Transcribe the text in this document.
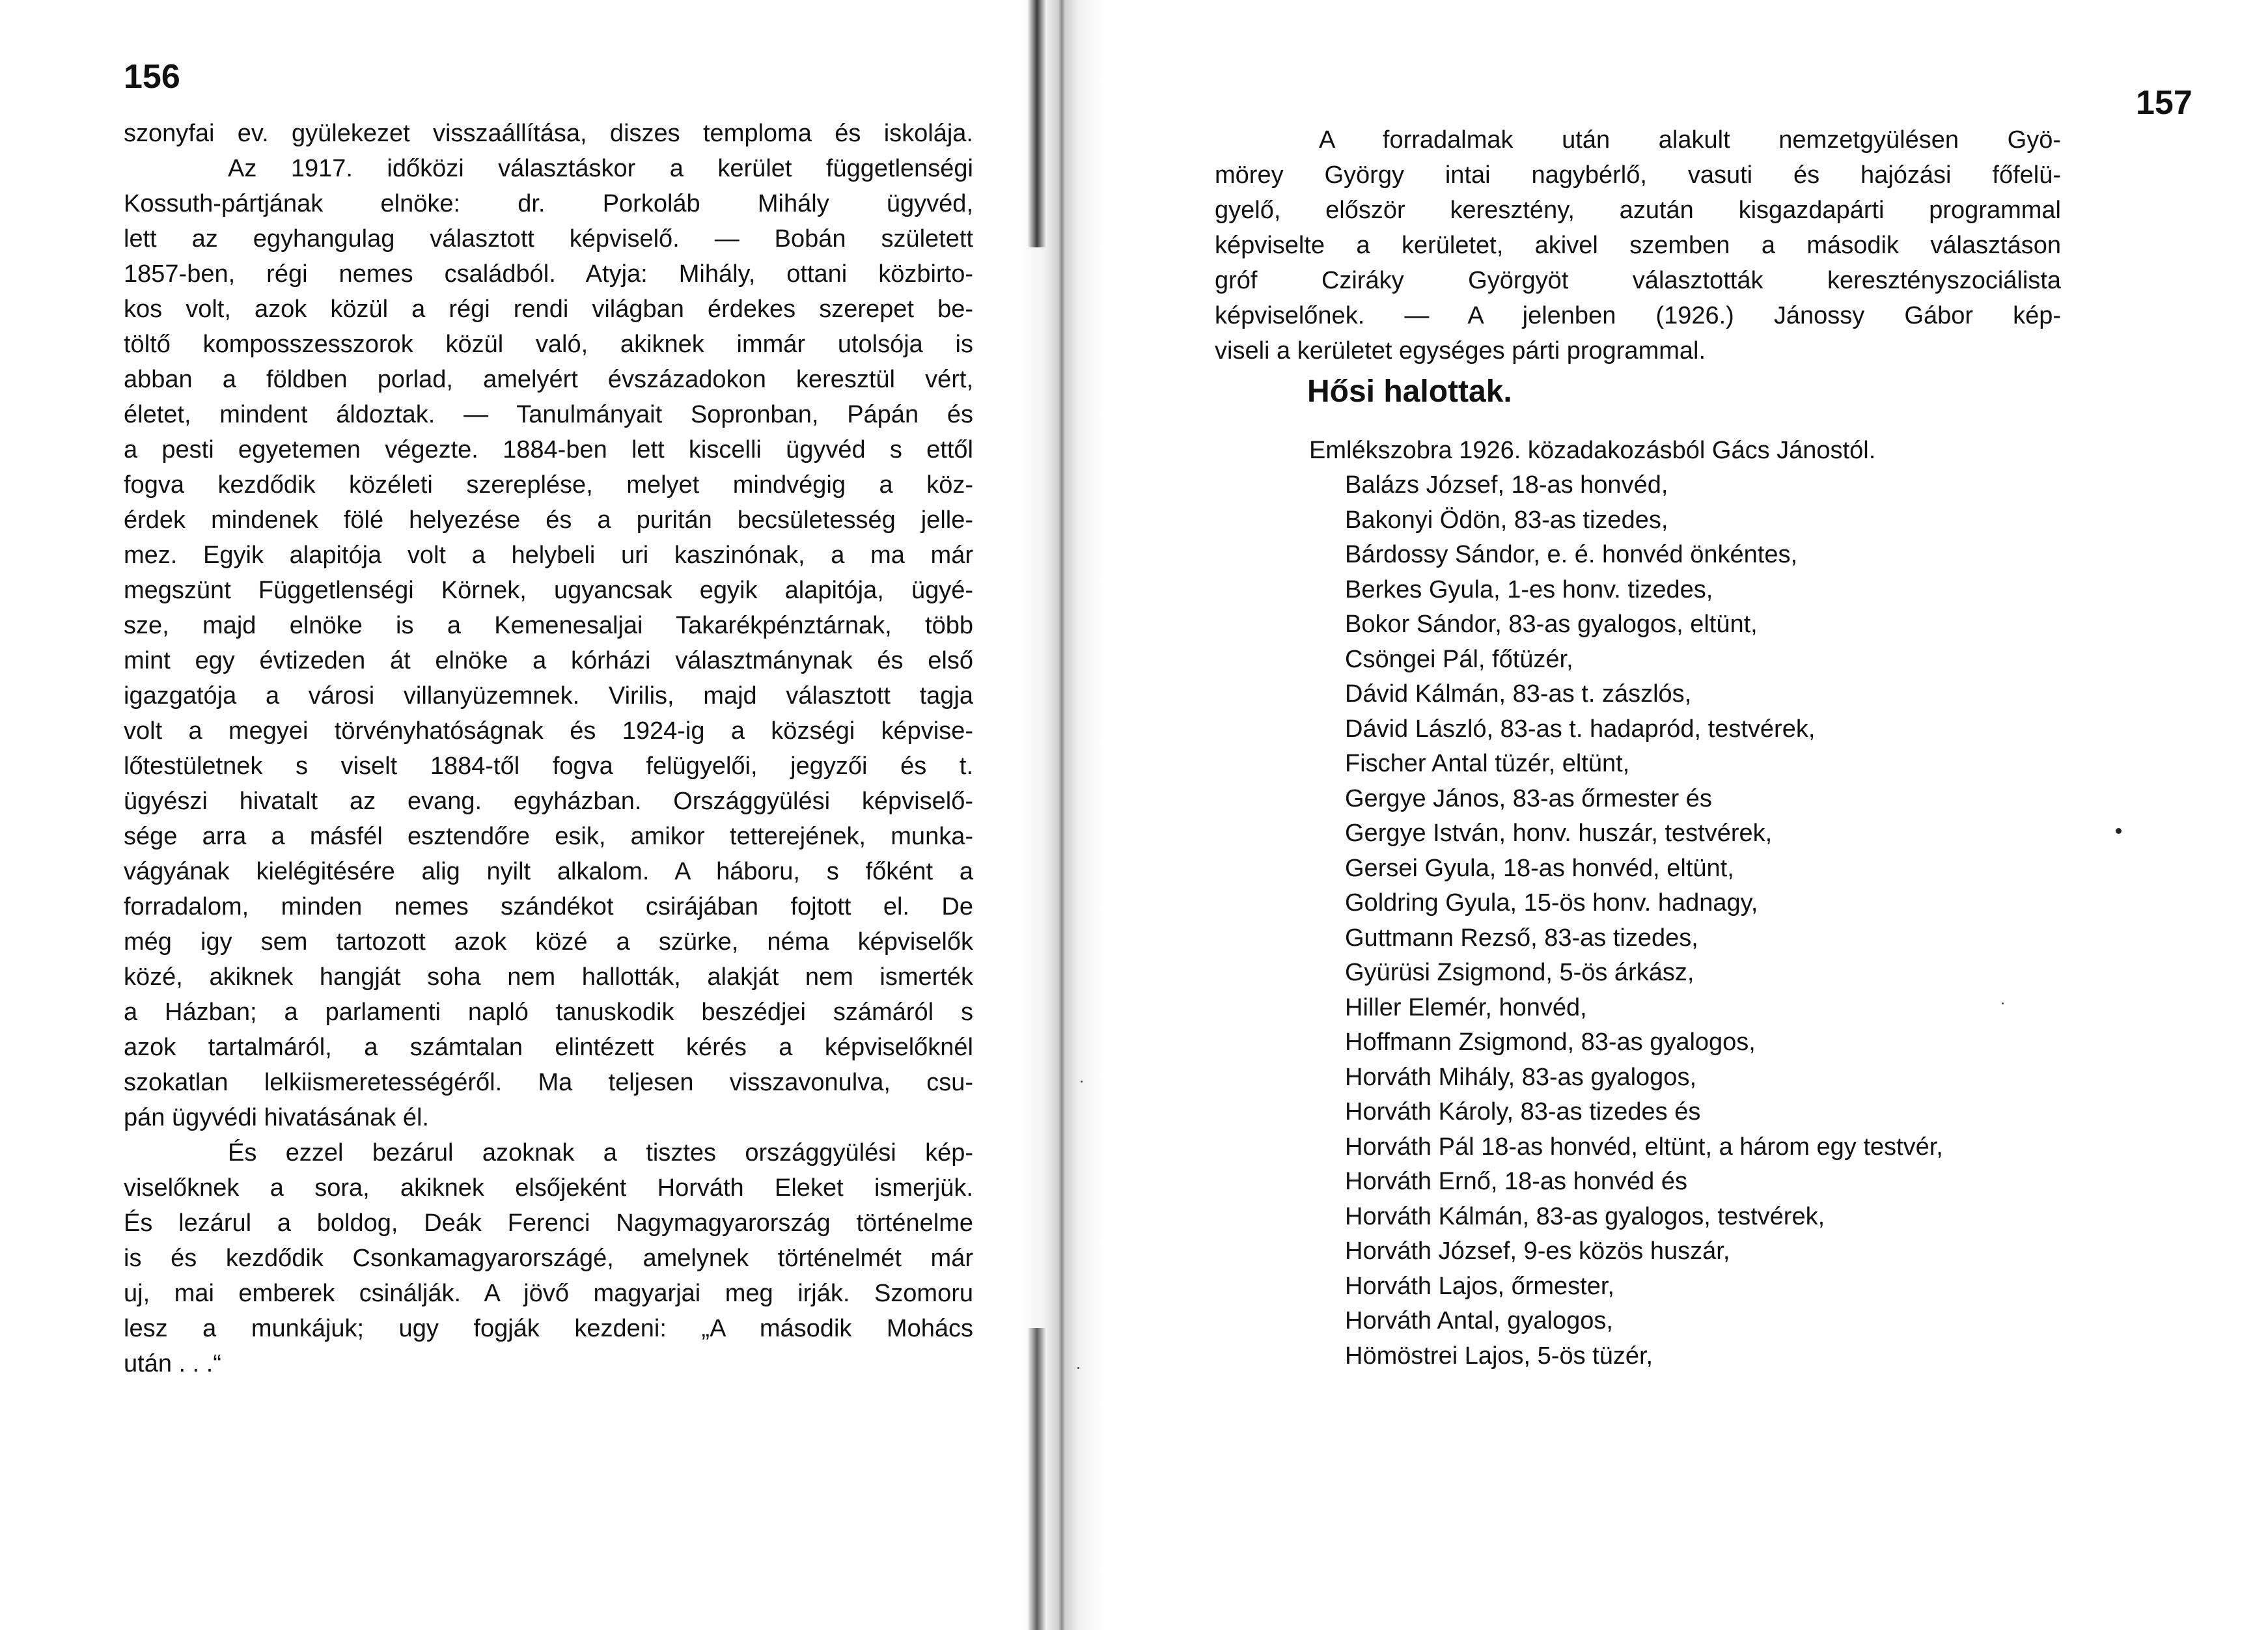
156
szonyfai ev. gyülekezet visszaállítása, diszes temploma és iskolája.
Az 1917. időközi választáskor a kerület függetlenségi
Kossuth-pártjának elnöke: dr. Porkoláb Mihály ügyvéd,
lett az egyhangulag választott képviselő. — Bobán született
1857-ben, régi nemes családból. Atyja: Mihály, ottani közbirto-
kos volt, azok közül a régi rendi világban érdekes szerepet be-
töltő komposszesszorok közül való, akiknek immár utolsója is
abban a földben porlad, amelyért évszázadokon keresztül vért,
életet, mindent áldoztak. — Tanulmányait Sopronban, Pápán és
a pesti egyetemen végezte. 1884-ben lett kiscelli ügyvéd s ettől
fogva kezdődik közéleti szereplése, melyet mindvégig a köz-
érdek mindenek fölé helyezése és a puritán becsületesség jelle-
mez. Egyik alapitója volt a helybeli uri kaszinónak, a ma már
megszünt Függetlenségi Körnek, ugyancsak egyik alapitója, ügyé-
sze, majd elnöke is a Kemenesaljai Takarékpénztárnak, több
mint egy évtizeden át elnöke a kórházi választmánynak és első
igazgatója a városi villanyüzemnek. Virilis, majd választott tagja
volt a megyei törvényhatóságnak és 1924-ig a községi képvise-
lőtestületnek s viselt 1884-től fogva felügyelői, jegyzői és t.
ügyészi hivatalt az evang. egyházban. Országgyülési képviselő-
sége arra a másfél esztendőre esik, amikor tetterejének, munka-
vágyának kielégitésére alig nyilt alkalom. A háboru, s főként a
forradalom, minden nemes szándékot csirájában fojtott el. De
még igy sem tartozott azok közé a szürke, néma képviselők
közé, akiknek hangját soha nem hallották, alakját nem ismerték
a Házban; a parlamenti napló tanuskodik beszédjei számáról s
azok tartalmáról, a számtalan elintézett kérés a képviselőknél
szokatlan lelkiismeretességéről. Ma teljesen visszavonulva, csu-
pán ügyvédi hivatásának él.
És ezzel bezárul azoknak a tisztes országgyülési kép-
viselőknek a sora, akiknek elsőjeként Horváth Eleket ismerjük.
És lezárul a boldog, Deák Ferenci Nagymagyarország történelme
is és kezdődik Csonkamagyarországé, amelynek történelmét már
uj, mai emberek csinálják. A jövő magyarjai meg irják. Szomoru
lesz a munkájuk; ugy fogják kezdeni: „A második Mohács
után . . .“
157
A forradalmak után alakult nemzetgyülésen Gyö-
mörey György intai nagybérlő, vasuti és hajózási főfelü-
gyelő, először keresztény, azután kisgazdapárti programmal
képviselte a kerületet, akivel szemben a második választáson
gróf Cziráky Györgyöt választották keresztényszociálista
képviselőnek. — A jelenben (1926.) Jánossy Gábor kép-
viseli a kerületet egységes párti programmal.
Hősi halottak.
Emlékszobra 1926. közadakozásból Gács Jánostól.
Balázs József, 18-as honvéd,
Bakonyi Ödön, 83-as tizedes,
Bárdossy Sándor, e. é. honvéd önkéntes,
Berkes Gyula, 1-es honv. tizedes,
Bokor Sándor, 83-as gyalogos, eltünt,
Csöngei Pál, főtüzér,
Dávid Kálmán, 83-as t. zászlós,
Dávid László, 83-as t. hadapród, testvérek,
Fischer Antal tüzér, eltünt,
Gergye János, 83-as őrmester és
Gergye István, honv. huszár, testvérek,
Gersei Gyula, 18-as honvéd, eltünt,
Goldring Gyula, 15-ös honv. hadnagy,
Guttmann Rezső, 83-as tizedes,
Gyürüsi Zsigmond, 5-ös árkász,
Hiller Elemér, honvéd,
Hoffmann Zsigmond, 83-as gyalogos,
Horváth Mihály, 83-as gyalogos,
Horváth Károly, 83-as tizedes és
Horváth Pál 18-as honvéd, eltünt, a három egy testvér,
Horváth Ernő, 18-as honvéd és
Horváth Kálmán, 83-as gyalogos, testvérek,
Horváth József, 9-es közös huszár,
Horváth Lajos, őrmester,
Horváth Antal, gyalogos,
Hömöstrei Lajos, 5-ös tüzér,
